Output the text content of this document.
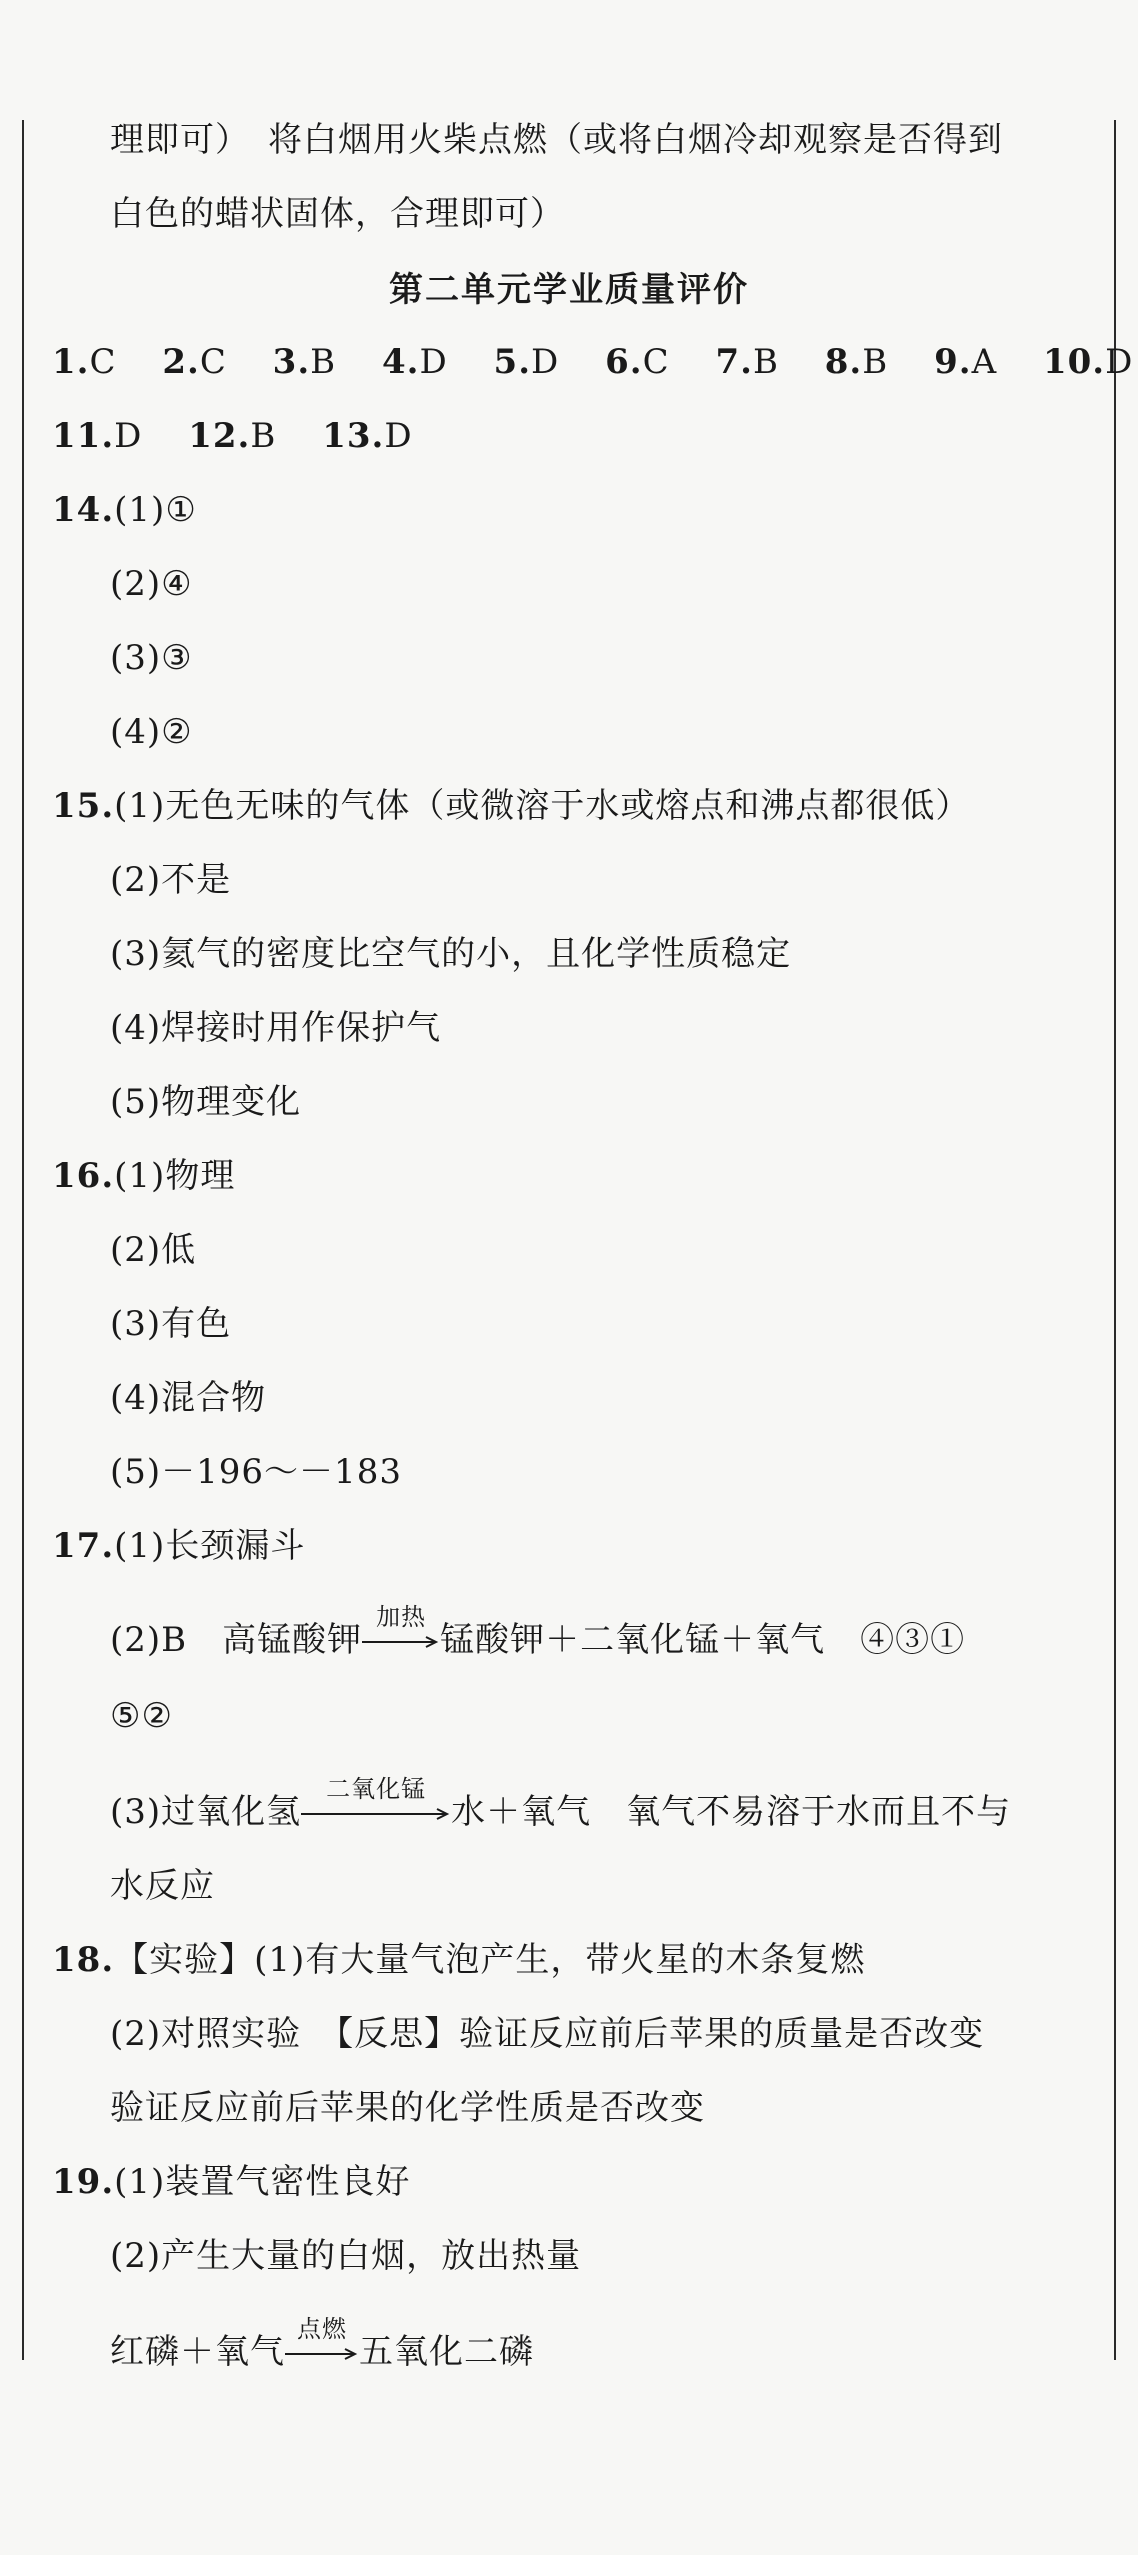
理即可）　将白烟用火柴点燃（或将白烟冷却观察是否得到
白色的蜡状固体，合理即可）
第二单元学业质量评价
1.C 2.C 3.B 4.D 5.D 6.C 7.B 8.B 9.A 10.D
11.D 12.B 13.D
14.(1)①
(2)④
(3)③
(4)②
15.(1)无色无味的气体（或微溶于水或熔点和沸点都很低）
(2)不是
(3)氦气的密度比空气的小，且化学性质稳定
(4)焊接时用作保护气
(5)物理变化
16.(1)物理
(2)低
(3)有色
(4)混合物
(5)－196～－183
17.(1)长颈漏斗
(2)B　高锰酸钾
加热
锰酸钾＋二氧化锰＋氧气　④③①
⑤②
(3)过氧化氢
二氧化锰
水＋氧气　氧气不易溶于水而且不与
水反应
18.【实验】(1)有大量气泡产生，带火星的木条复燃
(2)对照实验　【反思】验证反应前后苹果的质量是否改变
验证反应前后苹果的化学性质是否改变
19.(1)装置气密性良好
(2)产生大量的白烟，放出热量
红磷＋氧气
点燃
五氧化二磷
